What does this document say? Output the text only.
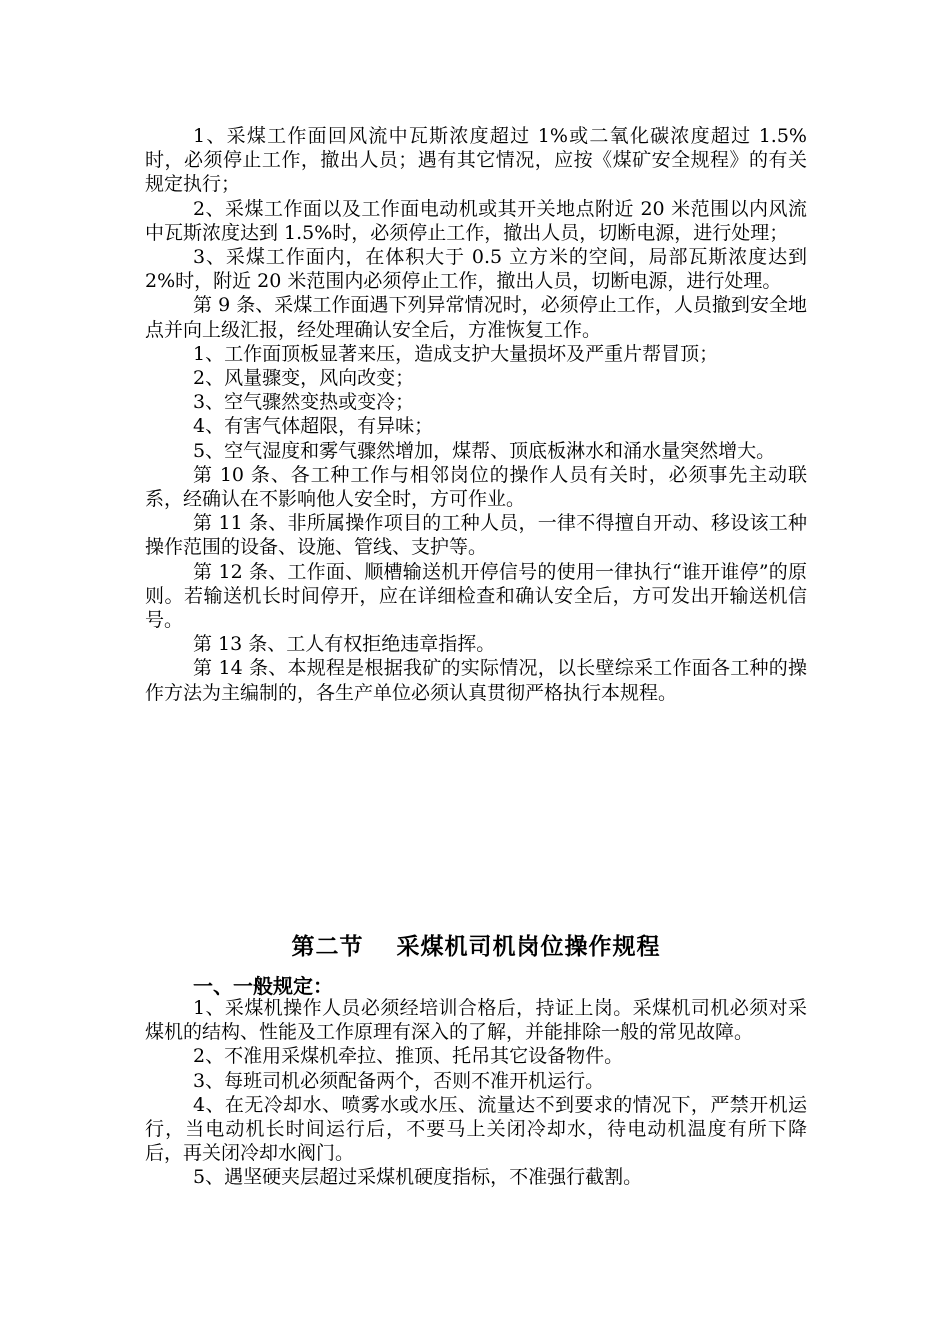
1、采煤工作面回风流中瓦斯浓度超过 1%或二氧化碳浓度超过 1.5%时，必须停止工作，撤出人员；遇有其它情况，应按《煤矿安全规程》的有关规定执行；

2、采煤工作面以及工作面电动机或其开关地点附近 20 米范围以内风流中瓦斯浓度达到 1.5%时，必须停止工作，撤出人员，切断电源，进行处理；

3、采煤工作面内，在体积大于 0.5 立方米的空间，局部瓦斯浓度达到 2%时，附近 20 米范围内必须停止工作，撤出人员，切断电源，进行处理。

第 9 条、采煤工作面遇下列异常情况时，必须停止工作，人员撤到安全地点并向上级汇报，经处理确认安全后，方准恢复工作。

1、工作面顶板显著来压，造成支护大量损坏及严重片帮冒顶；

2、风量骤变，风向改变；

3、空气骤然变热或变冷；

4、有害气体超限，有异味；

5、空气湿度和雾气骤然增加，煤帮、顶底板淋水和涌水量突然增大。

第 10 条、各工种工作与相邻岗位的操作人员有关时，必须事先主动联系，经确认在不影响他人安全时，方可作业。

第 11 条、非所属操作项目的工种人员，一律不得擅自开动、移设该工种操作范围的设备、设施、管线、支护等。

第 12 条、工作面、顺槽输送机开停信号的使用一律执行“谁开谁停”的原则。若输送机长时间停开，应在详细检查和确认安全后，方可发出开输送机信号。

第 13 条、工人有权拒绝违章指挥。

第 14 条、本规程是根据我矿的实际情况，以长壁综采工作面各工种的操作方法为主编制的，各生产单位必须认真贯彻严格执行本规程。

第二节　 采煤机司机岗位操作规程
一、一般规定：

1、采煤机操作人员必须经培训合格后，持证上岗。采煤机司机必须对采煤机的结构、性能及工作原理有深入的了解，并能排除一般的常见故障。

2、不准用采煤机牵拉、推顶、托吊其它设备物件。

3、每班司机必须配备两个，否则不准开机运行。

4、在无冷却水、喷雾水或水压、流量达不到要求的情况下，严禁开机运行，当电动机长时间运行后，不要马上关闭冷却水，待电动机温度有所下降后，再关闭冷却水阀门。

5、遇坚硬夹层超过采煤机硬度指标，不准强行截割。
